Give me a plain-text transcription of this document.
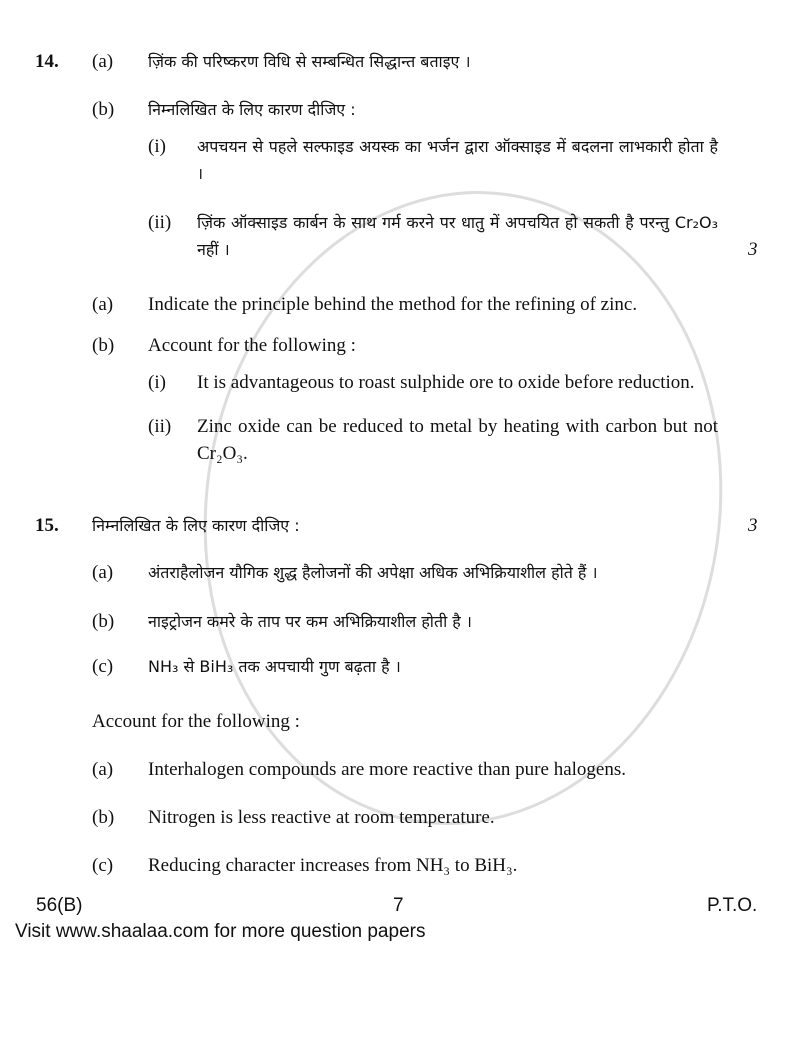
14.	(a)	ज़िंक की परिष्करण विधि से सम्बन्धित सिद्धान्त बताइए ।
(b)	निम्नलिखित के लिए कारण दीजिए :
(i)	अपचयन से पहले सल्फाइड अयस्क का भर्जन द्वारा ऑक्साइड में बदलना लाभकारी होता है ।
(ii)	ज़िंक ऑक्साइड कार्बन के साथ गर्म करने पर धातु में अपचयित हो सकती है परन्तु Cr₂O₃ नहीं ।	3
(a)	Indicate the principle behind the method for the refining of zinc.
(b)	Account for the following :
(i)	It is advantageous to roast sulphide ore to oxide before reduction.
(ii)	Zinc oxide can be reduced to metal by heating with carbon but not Cr₂O₃.
15.	निम्नलिखित के लिए कारण दीजिए :	3
(a)	अंतराहैलोजन यौगिक शुद्ध हैलोजनों की अपेक्षा अधिक अभिक्रियाशील होते हैं ।
(b)	नाइट्रोजन कमरे के ताप पर कम अभिक्रियाशील होती है ।
(c)	NH₃ से BiH₃ तक अपचायी गुण बढ़ता है ।
Account for the following :
(a)	Interhalogen compounds are more reactive than pure halogens.
(b)	Nitrogen is less reactive at room temperature.
(c)	Reducing character increases from NH₃ to BiH₃.
56(B)	7	P.T.O.
Visit www.shaalaa.com for more question papers
